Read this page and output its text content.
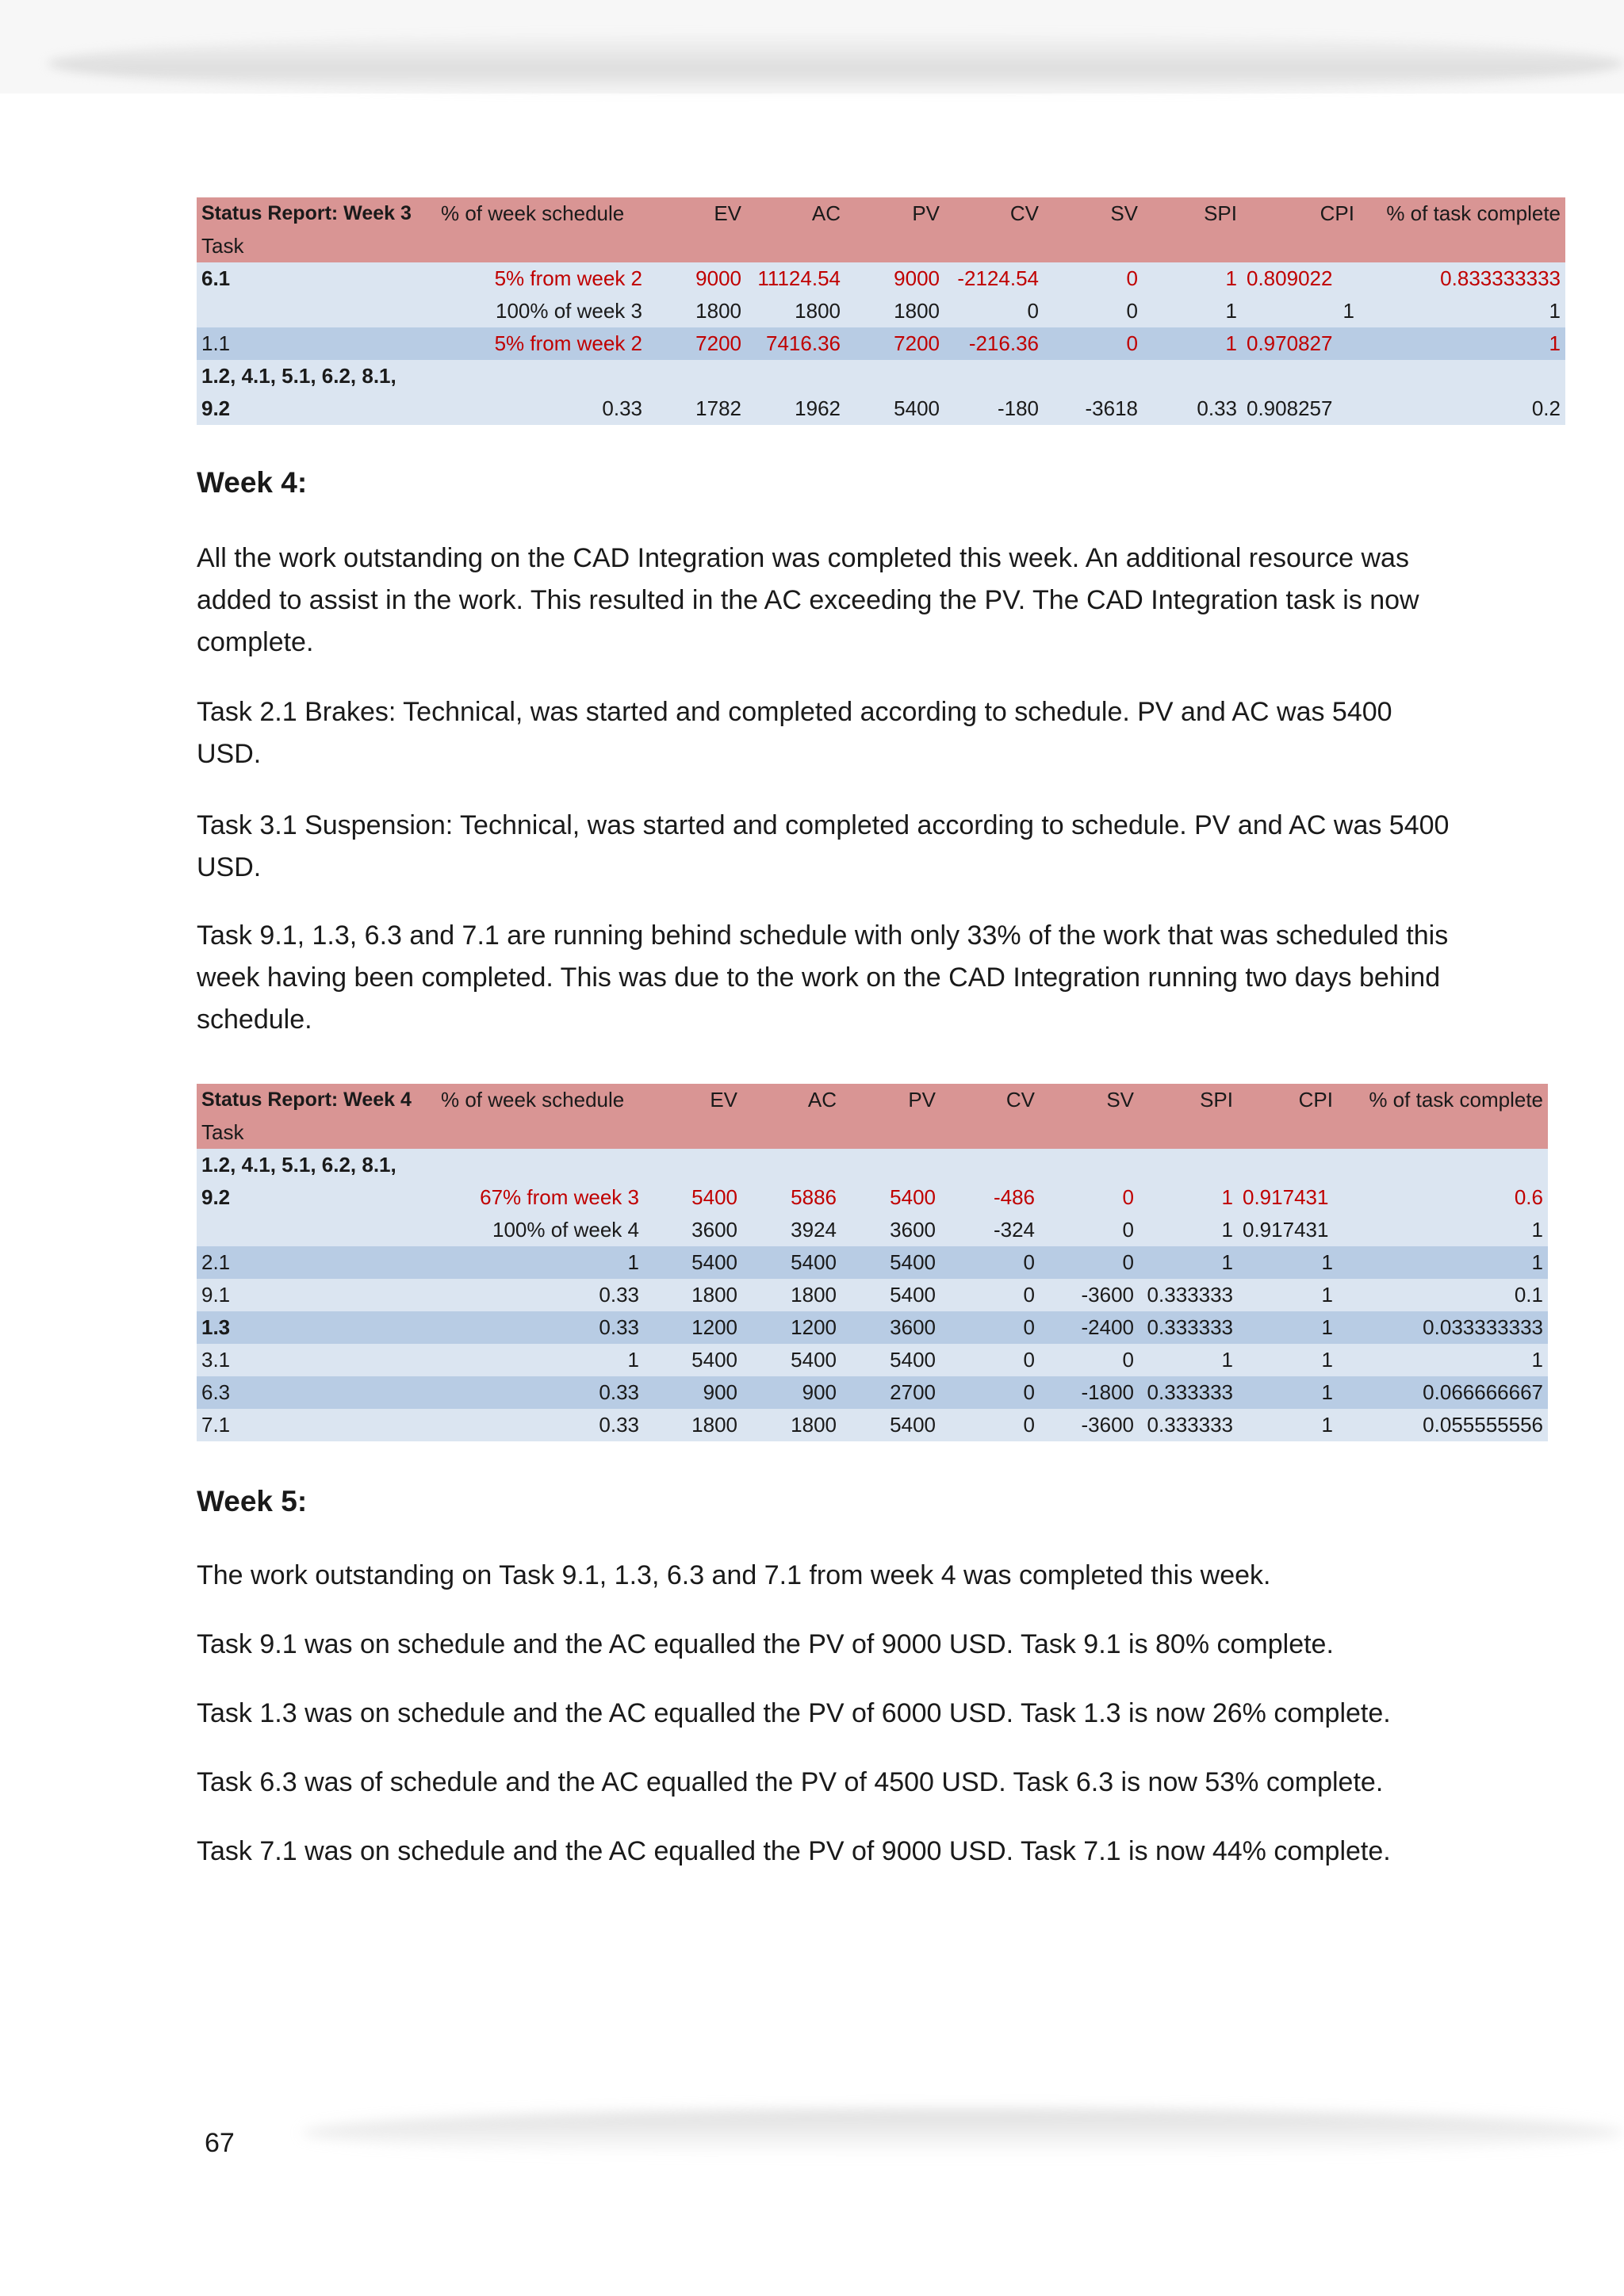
Status Report: Week 3	% of week schedule	EV	AC	PV	CV	SV	SPI	CPI	% of task complete
Task									
6.1	5% from week 2	9000	11124.54	9000	-2124.54	0	1	0.809022	0.833333333
	100% of week 3	1800	1800	1800	0	0	1	1	1
1.1	5% from week 2	7200	7416.36	7200	-216.36	0	1	0.970827	1
1.2, 4.1, 5.1, 6.2, 8.1,									
9.2	0.33	1782	1962	5400	-180	-3618	0.33	0.908257	0.2
Week 4:

All the work outstanding on the CAD Integration was completed this week. An additional resource was added to assist in the work. This resulted in the AC exceeding the PV. The CAD Integration task is now complete.

Task 2.1 Brakes: Technical, was started and completed according to schedule. PV and AC was 5400 USD.

Task 3.1 Suspension: Technical, was started and completed according to schedule. PV and AC was 5400 USD.

Task 9.1, 1.3, 6.3 and 7.1 are running behind schedule with only 33% of the work that was scheduled this week having been completed. This was due to the work on the CAD Integration running two days behind schedule.

Status Report: Week 4	% of week schedule	EV	AC	PV	CV	SV	SPI	CPI	% of task complete
Task									
1.2, 4.1, 5.1, 6.2, 8.1,									
9.2	67% from week 3	5400	5886	5400	-486	0	1	0.917431	0.6
	100% of week 4	3600	3924	3600	-324	0	1	0.917431	1
2.1	1	5400	5400	5400	0	0	1	1	1
9.1	0.33	1800	1800	5400	0	-3600	0.333333	1	0.1
1.3	0.33	1200	1200	3600	0	-2400	0.333333	1	0.033333333
3.1	1	5400	5400	5400	0	0	1	1	1
6.3	0.33	900	900	2700	0	-1800	0.333333	1	0.066666667
7.1	0.33	1800	1800	5400	0	-3600	0.333333	1	0.055555556
Week 5:

The work outstanding on Task 9.1, 1.3, 6.3 and 7.1 from week 4 was completed this week.

Task 9.1 was on schedule and the AC equalled the PV of 9000 USD. Task 9.1 is 80% complete.

Task 1.3 was on schedule and the AC equalled the PV of 6000 USD. Task 1.3 is now 26% complete.

Task 6.3 was of schedule and the AC equalled the PV of 4500 USD. Task 6.3 is now 53% complete.

Task 7.1 was on schedule and the AC equalled the PV of 9000 USD. Task 7.1 is now 44% complete.

67
